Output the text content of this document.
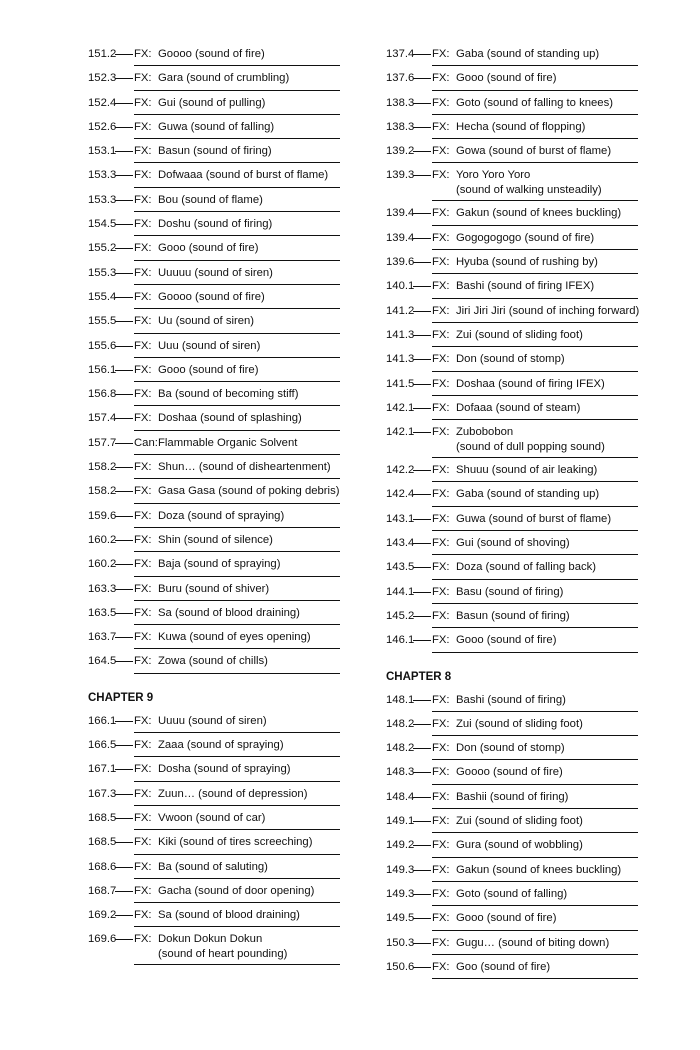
151.2 FX: Goooo (sound of fire)
152.3 FX: Gara (sound of crumbling)
152.4 FX: Gui (sound of pulling)
152.6 FX: Guwa (sound of falling)
153.1 FX: Basun (sound of firing)
153.3 FX: Dofwaaa (sound of burst of flame)
153.3 FX: Bou (sound of flame)
154.5 FX: Doshu (sound of firing)
155.2 FX: Gooo (sound of fire)
155.3 FX: Uuuuu (sound of siren)
155.4 FX: Goooo (sound of fire)
155.5 FX: Uu (sound of siren)
155.6 FX: Uuu (sound of siren)
156.1 FX: Gooo (sound of fire)
156.8 FX: Ba (sound of becoming stiff)
157.4 FX: Doshaa (sound of splashing)
157.7 Can: Flammable Organic Solvent
158.2 FX: Shun… (sound of disheartenment)
158.2 FX: Gasa Gasa (sound of poking debris)
159.6 FX: Doza (sound of spraying)
160.2 FX: Shin (sound of silence)
160.2 FX: Baja (sound of spraying)
163.3 FX: Buru (sound of shiver)
163.5 FX: Sa (sound of blood draining)
163.7 FX: Kuwa (sound of eyes opening)
164.5 FX: Zowa (sound of chills)
CHAPTER 9
166.1 FX: Uuuu (sound of siren)
166.5 FX: Zaaa (sound of spraying)
167.1 FX: Dosha (sound of spraying)
167.3 FX: Zuun… (sound of depression)
168.5 FX: Vwoon (sound of car)
168.5 FX: Kiki (sound of tires screeching)
168.6 FX: Ba (sound of saluting)
168.7 FX: Gacha (sound of door opening)
169.2 FX: Sa (sound of blood draining)
169.6 FX: Dokun Dokun Dokun
(sound of heart pounding)
137.4 FX: Gaba (sound of standing up)
137.6 FX: Gooo (sound of fire)
138.3 FX: Goto (sound of falling to knees)
138.3 FX: Hecha (sound of flopping)
139.2 FX: Gowa (sound of burst of flame)
139.3 FX: Yoro Yoro Yoro
(sound of walking unsteadily)
139.4 FX: Gakun (sound of knees buckling)
139.4 FX: Gogogogogo (sound of fire)
139.6 FX: Hyuba (sound of rushing by)
140.1 FX: Bashi (sound of firing IFEX)
141.2 FX: Jiri Jiri Jiri (sound of inching forward)
141.3 FX: Zui (sound of sliding foot)
141.3 FX: Don (sound of stomp)
141.5 FX: Doshaa (sound of firing IFEX)
142.1 FX: Dofaaa (sound of steam)
142.1 FX: Zubobobon
(sound of dull popping sound)
142.2 FX: Shuuu (sound of air leaking)
142.4 FX: Gaba (sound of standing up)
143.1 FX: Guwa (sound of burst of flame)
143.4 FX: Gui (sound of shoving)
143.5 FX: Doza (sound of falling back)
144.1 FX: Basu (sound of firing)
145.2 FX: Basun (sound of firing)
146.1 FX: Gooo (sound of fire)
CHAPTER 8
148.1 FX: Bashi (sound of firing)
148.2 FX: Zui (sound of sliding foot)
148.2 FX: Don (sound of stomp)
148.3 FX: Goooo (sound of fire)
148.4 FX: Bashii (sound of firing)
149.1 FX: Zui (sound of sliding foot)
149.2 FX: Gura (sound of wobbling)
149.3 FX: Gakun (sound of knees buckling)
149.3 FX: Goto (sound of falling)
149.5 FX: Gooo (sound of fire)
150.3 FX: Gugu… (sound of biting down)
150.6 FX: Goo (sound of fire)
